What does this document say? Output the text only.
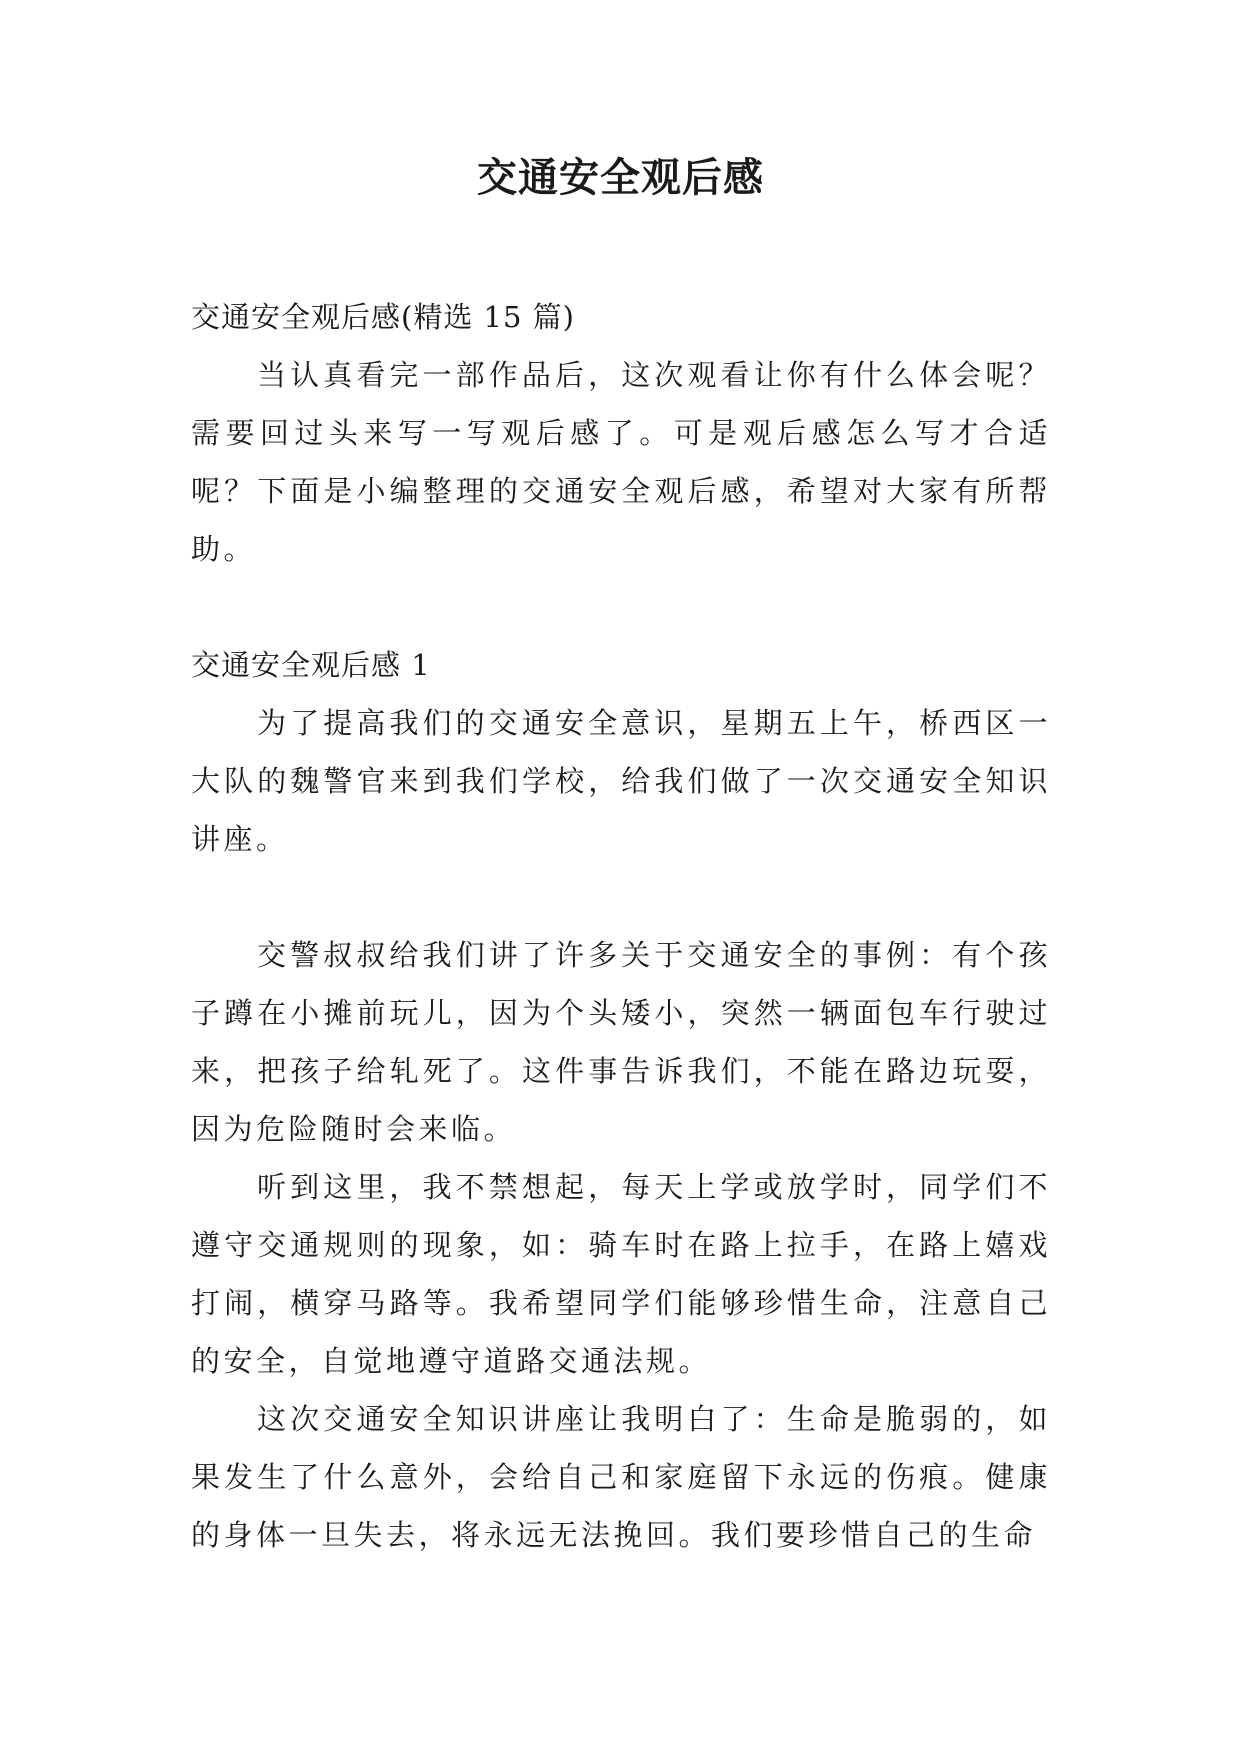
交通安全观后感

交通安全观后感(精选 15 篇)

当认真看完一部作品后，这次观看让你有什么体会呢？需要回过头来写一写观后感了。可是观后感怎么写才合适呢？下面是小编整理的交通安全观后感，希望对大家有所帮助。

交通安全观后感 1

为了提高我们的交通安全意识，星期五上午，桥西区一大队的魏警官来到我们学校，给我们做了一次交通安全知识讲座。

交警叔叔给我们讲了许多关于交通安全的事例：有个孩子蹲在小摊前玩儿，因为个头矮小，突然一辆面包车行驶过来，把孩子给轧死了。这件事告诉我们，不能在路边玩耍，因为危险随时会来临。

听到这里，我不禁想起，每天上学或放学时，同学们不遵守交通规则的现象，如：骑车时在路上拉手，在路上嬉戏打闹，横穿马路等。我希望同学们能够珍惜生命，注意自己的安全，自觉地遵守道路交通法规。

这次交通安全知识讲座让我明白了：生命是脆弱的，如果发生了什么意外，会给自己和家庭留下永远的伤痕。健康的身体一旦失去，将永远无法挽回。我们要珍惜自己的生命
